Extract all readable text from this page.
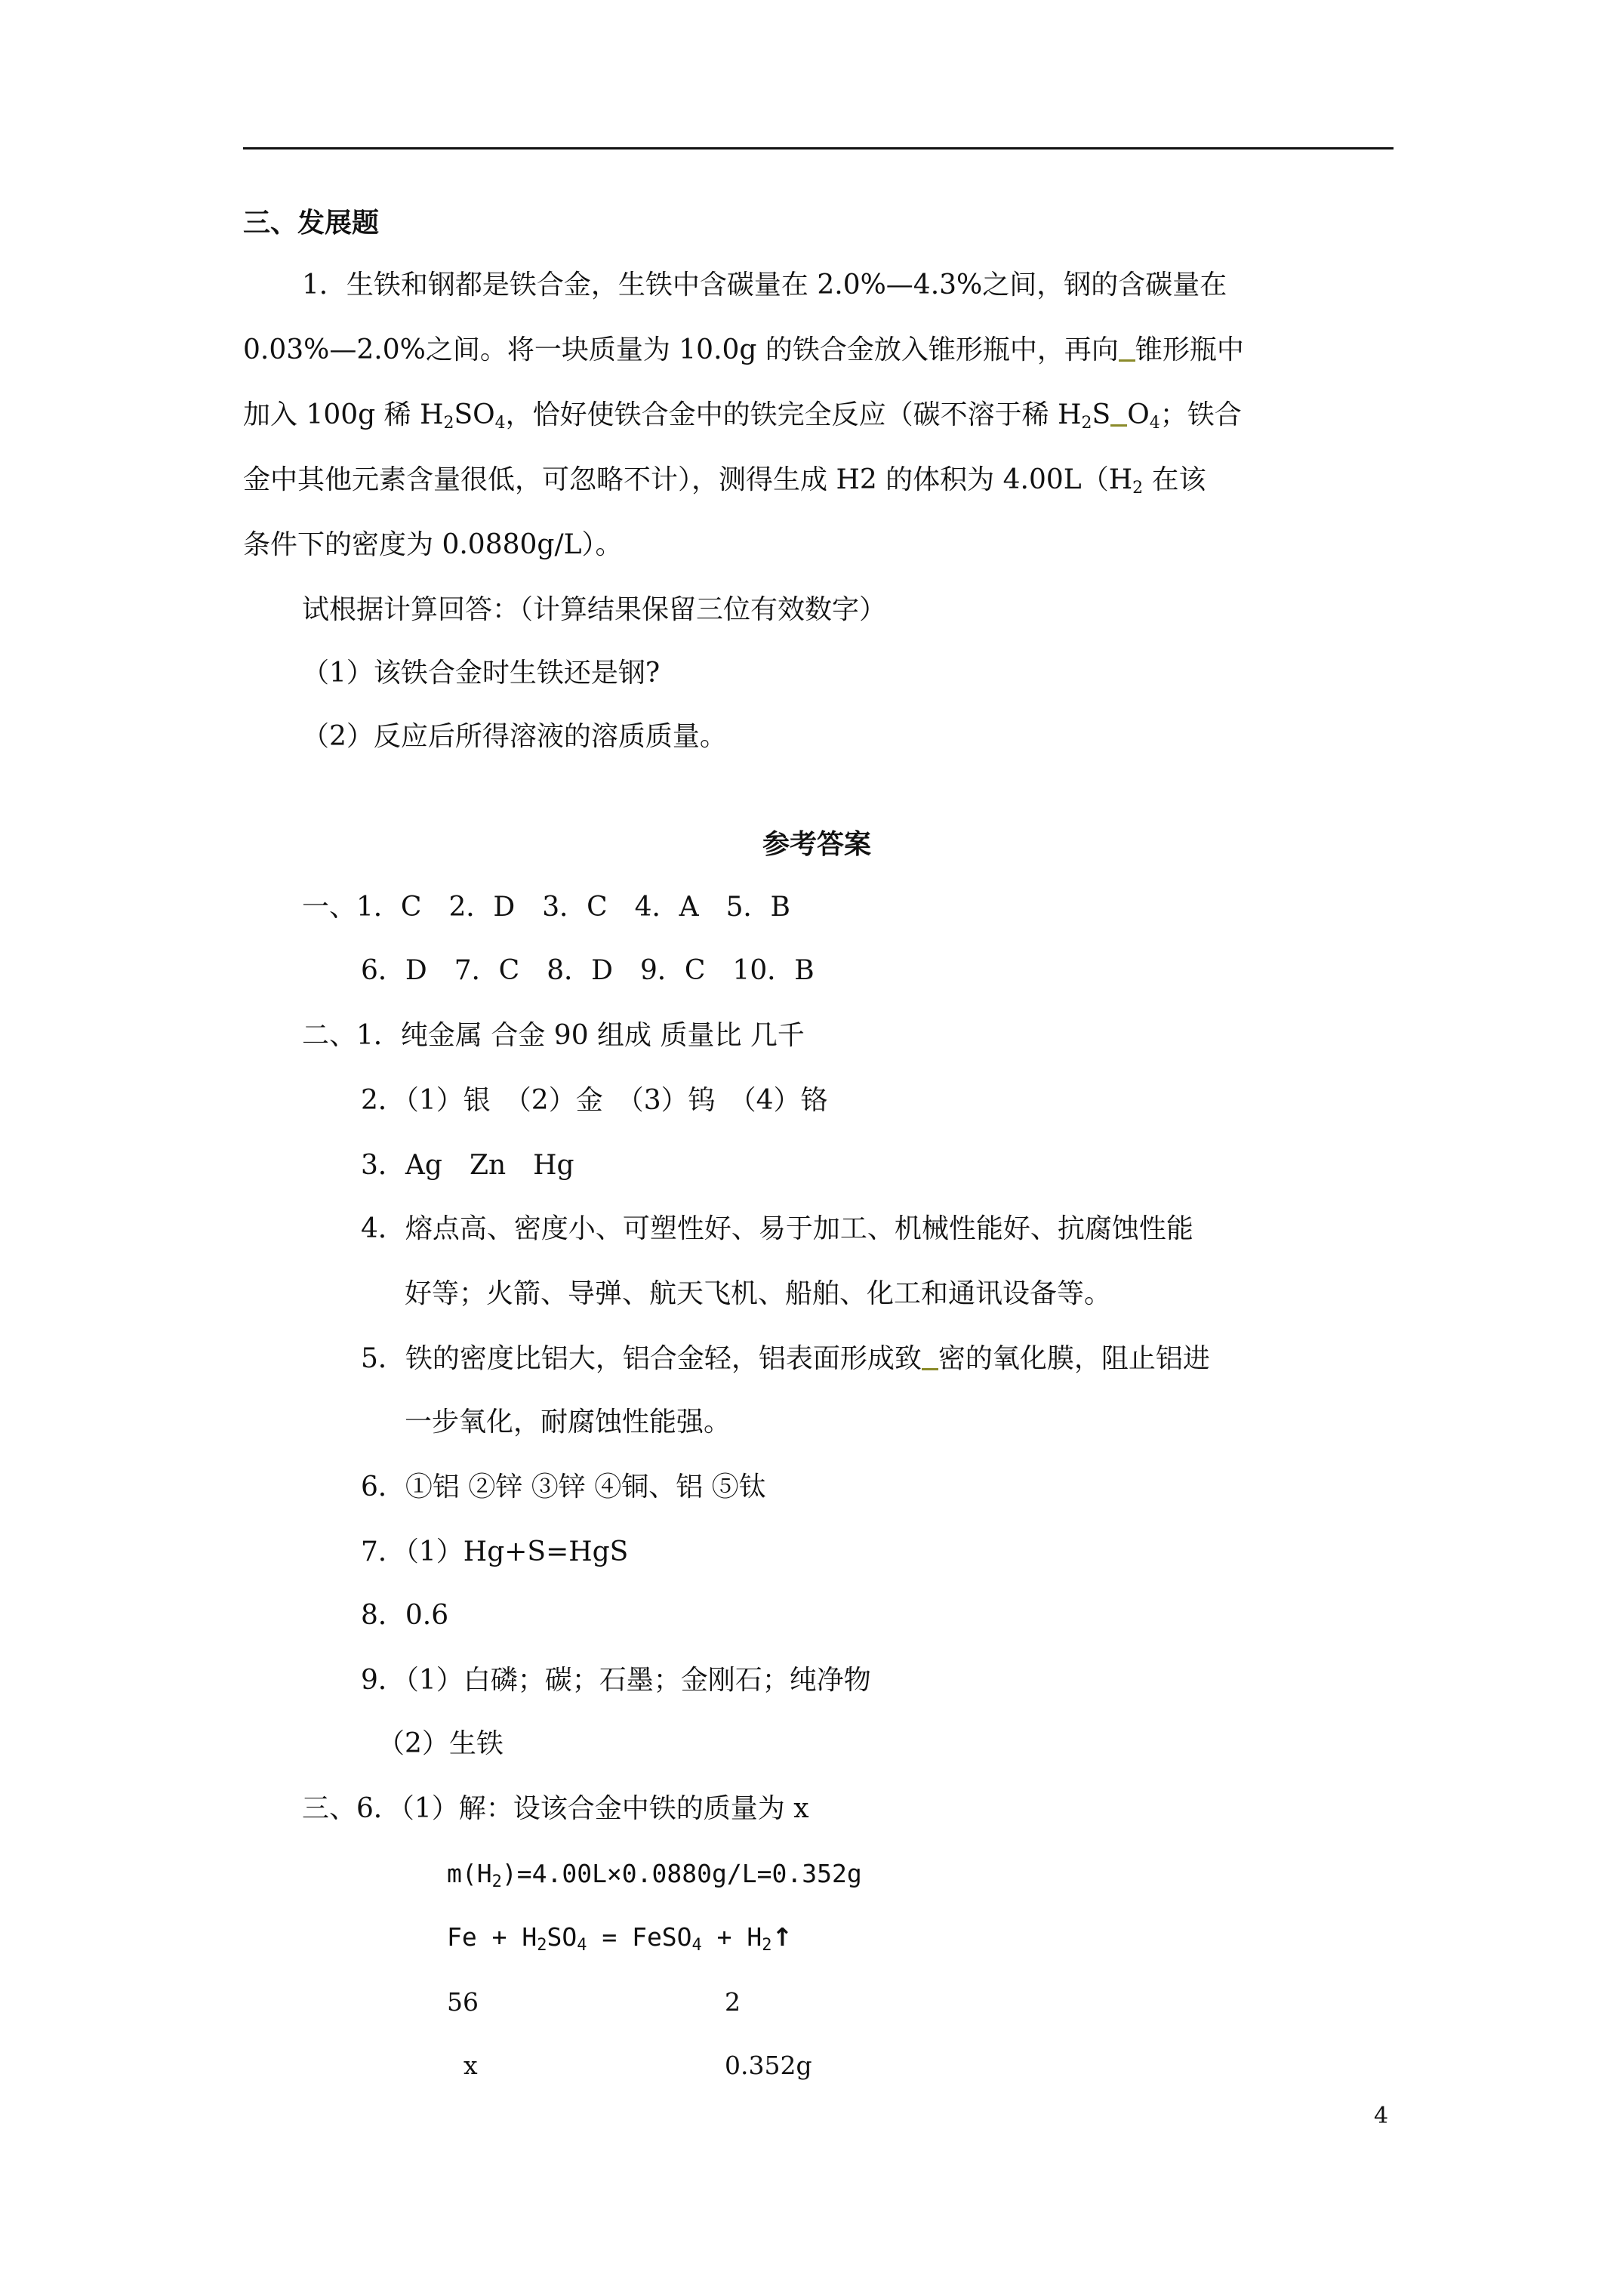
三、发展题
1．生铁和钢都是铁合金，生铁中含碳量在 2.0%—4.3%之间，钢的含碳量在
0.03%—2.0%之间。将一块质量为 10.0g 的铁合金放入锥形瓶中，再向 锥形瓶中
加入 100g 稀 $H_2SO_4$，恰好使铁合金中的铁完全反应（碳不溶于稀 $H_2S$ $O_4$；铁合
金中其他元素含量很低，可忽略不计），测得生成 H2 的体积为 $4.00L(H_2$ 在该
条件下的密度为 0.0880g/L）。
试根据计算回答：（计算结果保留三位有效数字）
（1）该铁合金时生铁还是钢?
（2）反应后所得溶液的溶质质量。
参考答案
一、1．C　2．D　3．C　4．A　5．B
6．D　7．C　8．D　9．C　10．B
二、1．纯金属 合金 90 组成 质量比 几千
2．（1）银　（2）金　（3）钨　（4）铬
3．Ag　Zn　Hg
4．熔点高、密度小、可塑性好、易于加工、机械性能好、抗腐蚀性能
好等；火箭、导弹、航天飞机、船舶、化工和通讯设备等。
5．铁的密度比铝大，铝合金轻，铝表面形成致 密的氧化膜，阻止铝进
一步氧化，耐腐蚀性能强。
6．①铝 ②锌 ③锌 ④铜、铝 ⑤钛
7．（1）Hg+S=HgS
8．0.6
9．（1）白磷；碳；石墨；金刚石；纯净物
（2）生铁
三、6．（1）解：设该合金中铁的质量为 x
$m(H_2)=4.00L\times 0.0880g/L=0.352g$
$Fe + H_2SO_4$ = FeSO$_4$ + $H_2↑$
56	2
x	0.352g
4
